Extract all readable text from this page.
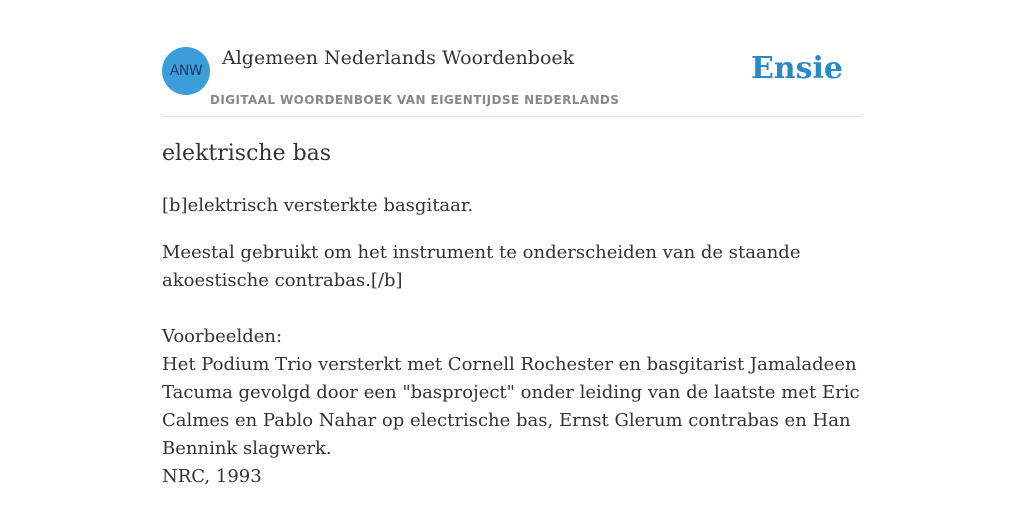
ANW
Algemeen Nederlands Woordenboek
DIGITAAL WOORDENBOEK VAN EIGENTIJDSE NEDERLANDS
Ensie
elektrische bas

[b]elektrisch versterkte basgitaar.

Meestal gebruikt om het instrument te onderscheiden van de staande akoestische contrabas.[/b]

Voorbeelden:
Het Podium Trio versterkt met Cornell Rochester en basgitarist Jamaladeen Tacuma gevolgd door een "basproject" onder leiding van de laatste met Eric Calmes en Pablo Nahar op electrische bas, Ernst Glerum contrabas en Han Bennink slagwerk.
NRC, 1993
